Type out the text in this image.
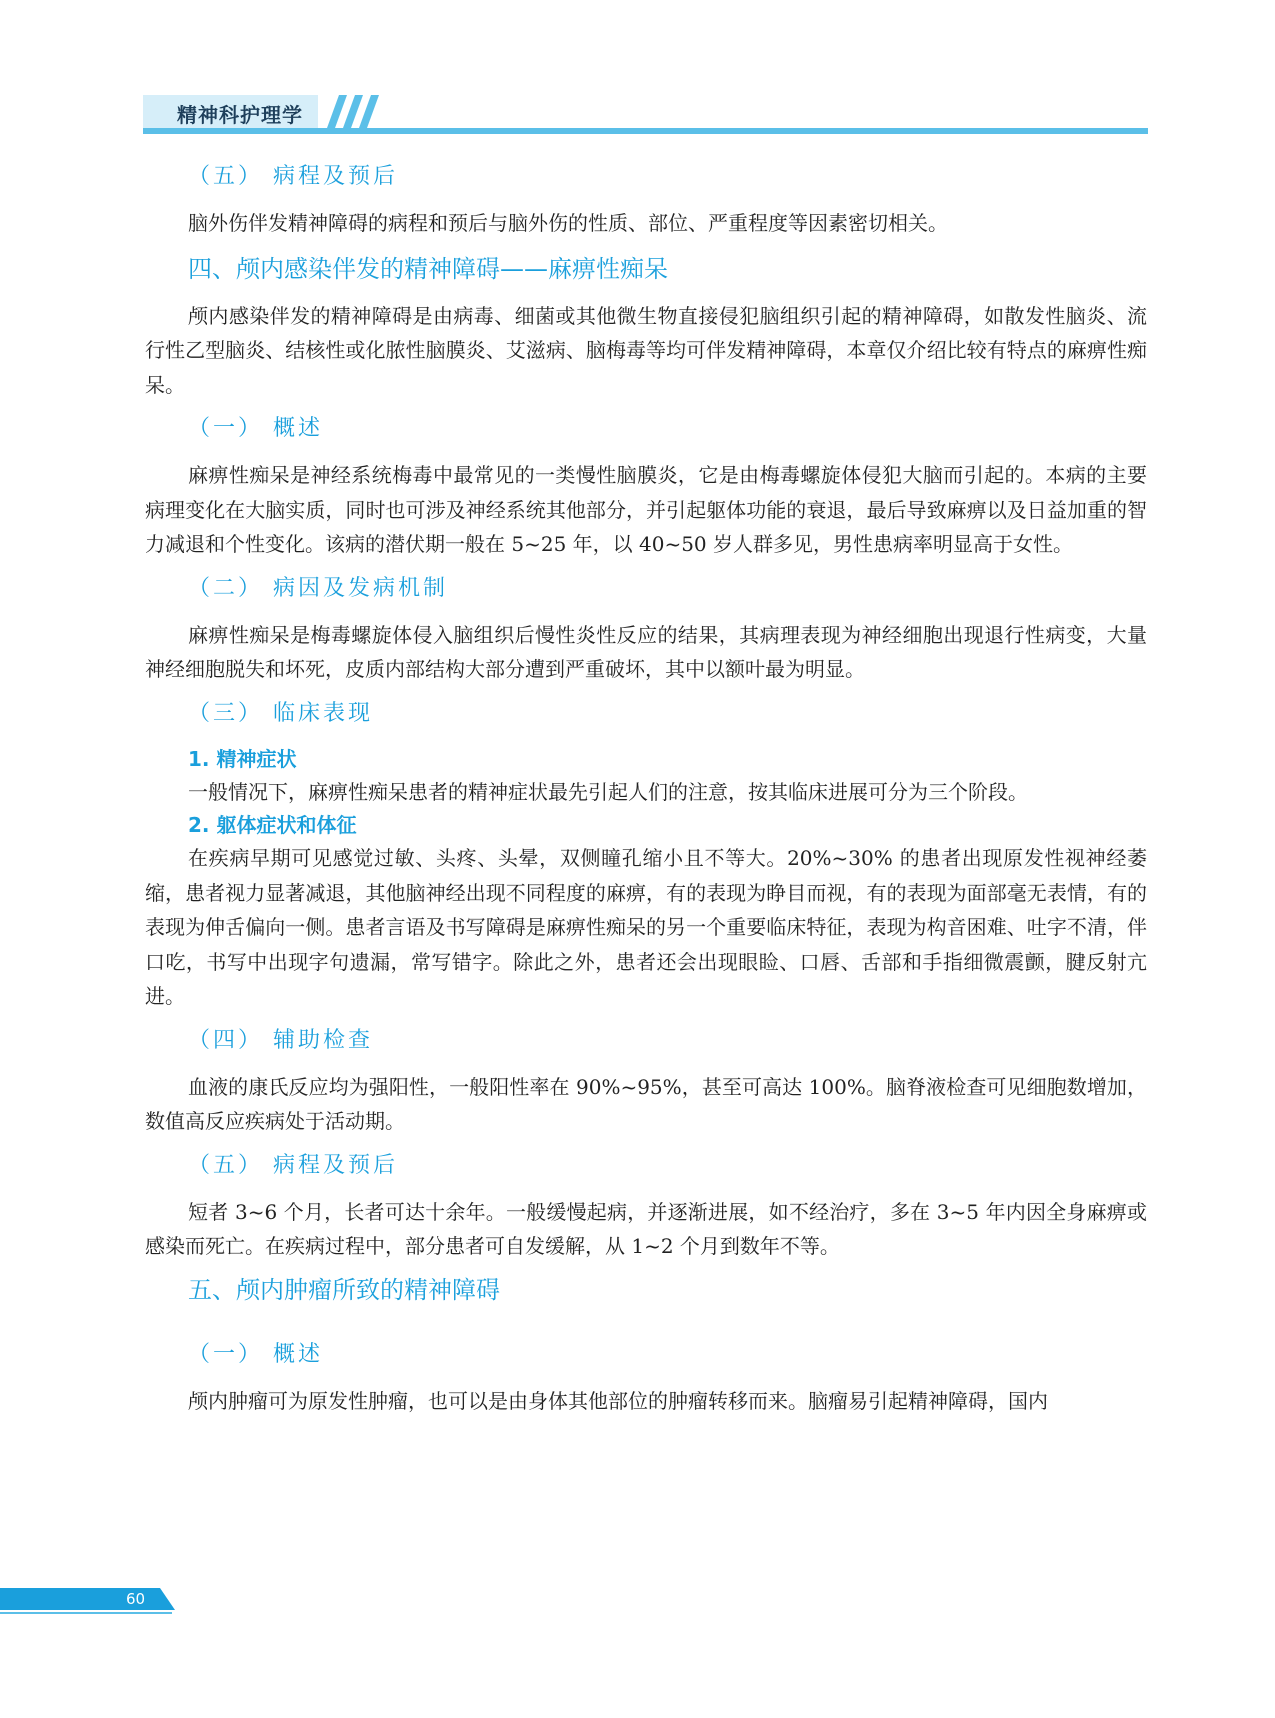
精神科护理学
（五） 病程及预后

脑外伤伴发精神障碍的病程和预后与脑外伤的性质、部位、严重程度等因素密切相关。

四、颅内感染伴发的精神障碍——麻痹性痴呆

颅内感染伴发的精神障碍是由病毒、细菌或其他微生物直接侵犯脑组织引起的精神障碍，如散发性脑炎、流行性乙型脑炎、结核性或化脓性脑膜炎、艾滋病、脑梅毒等均可伴发精神障碍，本章仅介绍比较有特点的麻痹性痴呆。

（一） 概述

麻痹性痴呆是神经系统梅毒中最常见的一类慢性脑膜炎，它是由梅毒螺旋体侵犯大脑而引起的。本病的主要病理变化在大脑实质，同时也可涉及神经系统其他部分，并引起躯体功能的衰退，最后导致麻痹以及日益加重的智力减退和个性变化。该病的潜伏期一般在 5~25 年，以 40~50 岁人群多见，男性患病率明显高于女性。

（二） 病因及发病机制

麻痹性痴呆是梅毒螺旋体侵入脑组织后慢性炎性反应的结果，其病理表现为神经细胞出现退行性病变，大量神经细胞脱失和坏死，皮质内部结构大部分遭到严重破坏，其中以额叶最为明显。

（三） 临床表现
1. 精神症状

一般情况下，麻痹性痴呆患者的精神症状最先引起人们的注意，按其临床进展可分为三个阶段。

2. 躯体症状和体征

在疾病早期可见感觉过敏、头疼、头晕，双侧瞳孔缩小且不等大。20%~30% 的患者出现原发性视神经萎缩，患者视力显著减退，其他脑神经出现不同程度的麻痹，有的表现为睁目而视，有的表现为面部毫无表情，有的表现为伸舌偏向一侧。患者言语及书写障碍是麻痹性痴呆的另一个重要临床特征，表现为构音困难、吐字不清，伴口吃，书写中出现字句遗漏，常写错字。除此之外，患者还会出现眼睑、口唇、舌部和手指细微震颤，腱反射亢进。

（四） 辅助检查

血液的康氏反应均为强阳性，一般阳性率在 90%~95%，甚至可高达 100%。脑脊液检查可见细胞数增加，数值高反应疾病处于活动期。

（五） 病程及预后

短者 3~6 个月，长者可达十余年。一般缓慢起病，并逐渐进展，如不经治疗，多在 3~5 年内因全身麻痹或感染而死亡。在疾病过程中，部分患者可自发缓解，从 1~2 个月到数年不等。

五、颅内肿瘤所致的精神障碍
（一） 概述

颅内肿瘤可为原发性肿瘤，也可以是由身体其他部位的肿瘤转移而来。脑瘤易引起精神障碍，国内

60
